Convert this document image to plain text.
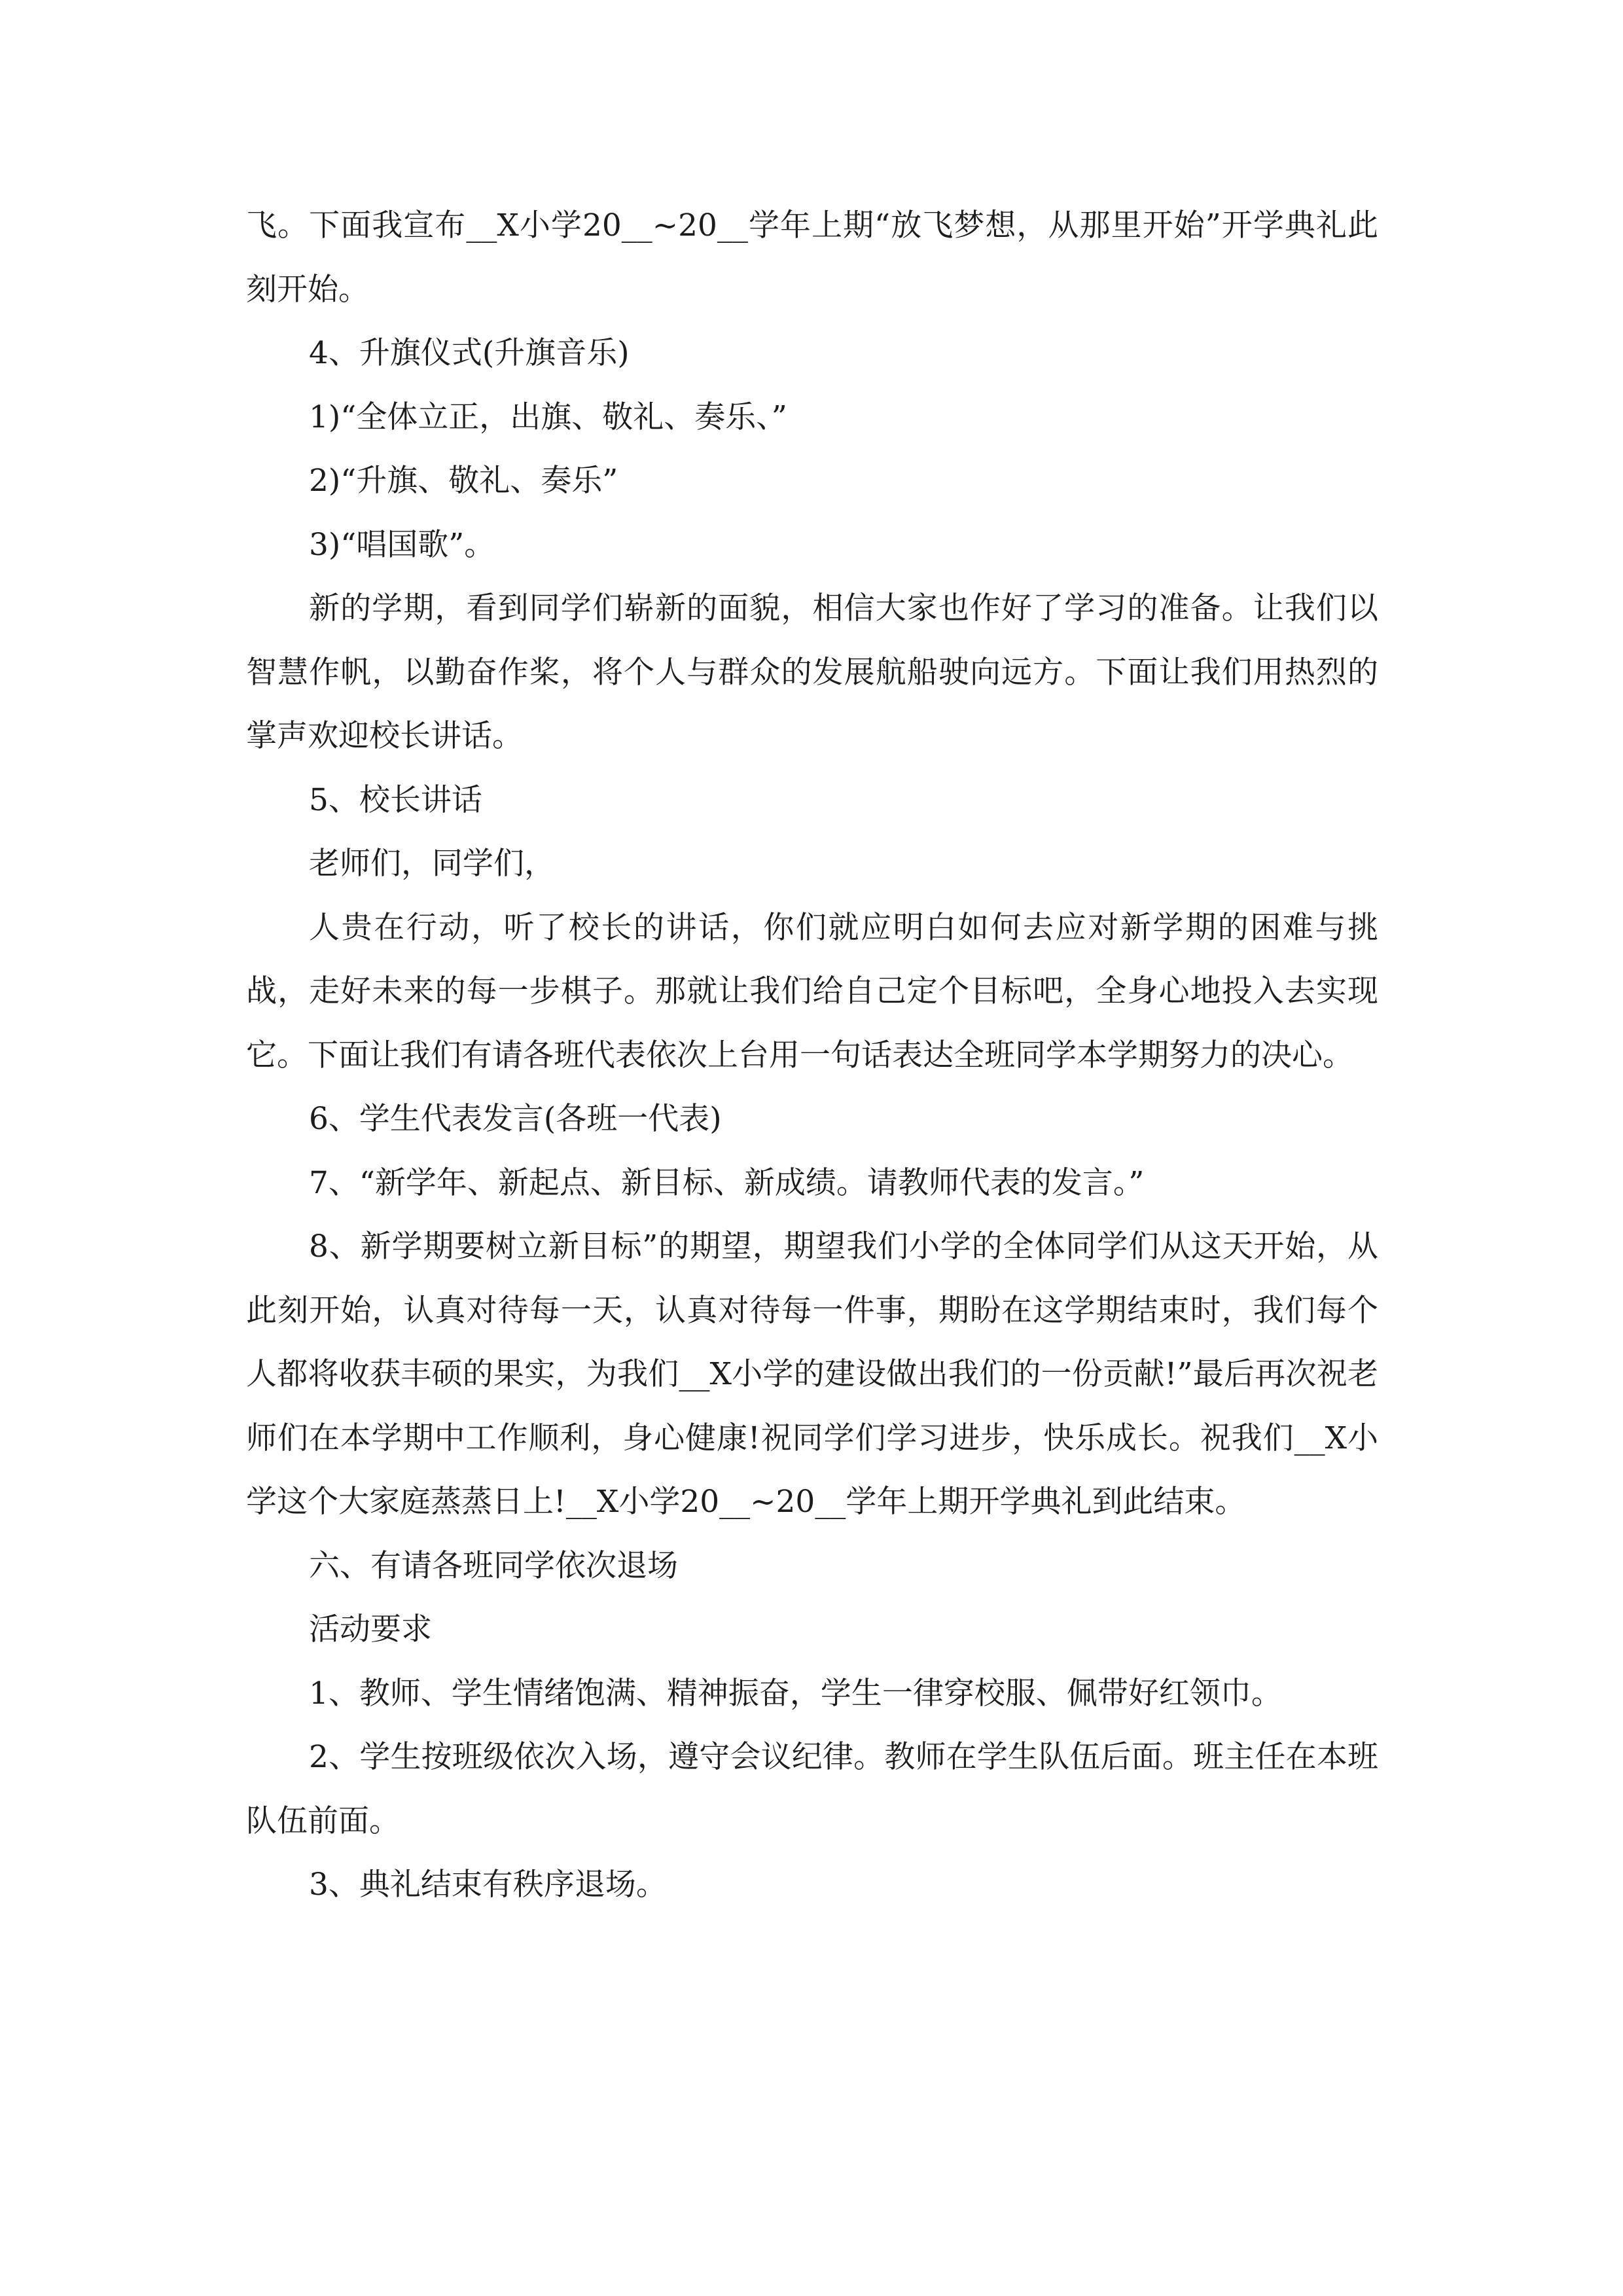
飞。下面我宣布__X小学20__~20__学年上期“放飞梦想，从那里开始”开学典礼此刻开始。

4、升旗仪式(升旗音乐)

1)“全体立正，出旗、敬礼、奏乐、”

2)“升旗、敬礼、奏乐”

3)“唱国歌”。

新的学期，看到同学们崭新的面貌，相信大家也作好了学习的准备。让我们以智慧作帆，以勤奋作桨，将个人与群众的发展航船驶向远方。下面让我们用热烈的掌声欢迎校长讲话。

5、校长讲话

老师们，同学们，

人贵在行动，听了校长的讲话，你们就应明白如何去应对新学期的困难与挑战，走好未来的每一步棋子。那就让我们给自己定个目标吧，全身心地投入去实现它。下面让我们有请各班代表依次上台用一句话表达全班同学本学期努力的决心。

6、学生代表发言(各班一代表)

7、“新学年、新起点、新目标、新成绩。请教师代表的发言。”

8、新学期要树立新目标”的期望，期望我们小学的全体同学们从这天开始，从此刻开始，认真对待每一天，认真对待每一件事，期盼在这学期结束时，我们每个人都将收获丰硕的果实，为我们__X小学的建设做出我们的一份贡献!”最后再次祝老师们在本学期中工作顺利，身心健康!祝同学们学习进步，快乐成长。祝我们__X小学这个大家庭蒸蒸日上!__X小学20__~20__学年上期开学典礼到此结束。

六、有请各班同学依次退场

活动要求

1、教师、学生情绪饱满、精神振奋，学生一律穿校服、佩带好红领巾。

2、学生按班级依次入场，遵守会议纪律。教师在学生队伍后面。班主任在本班队伍前面。

3、典礼结束有秩序退场。
